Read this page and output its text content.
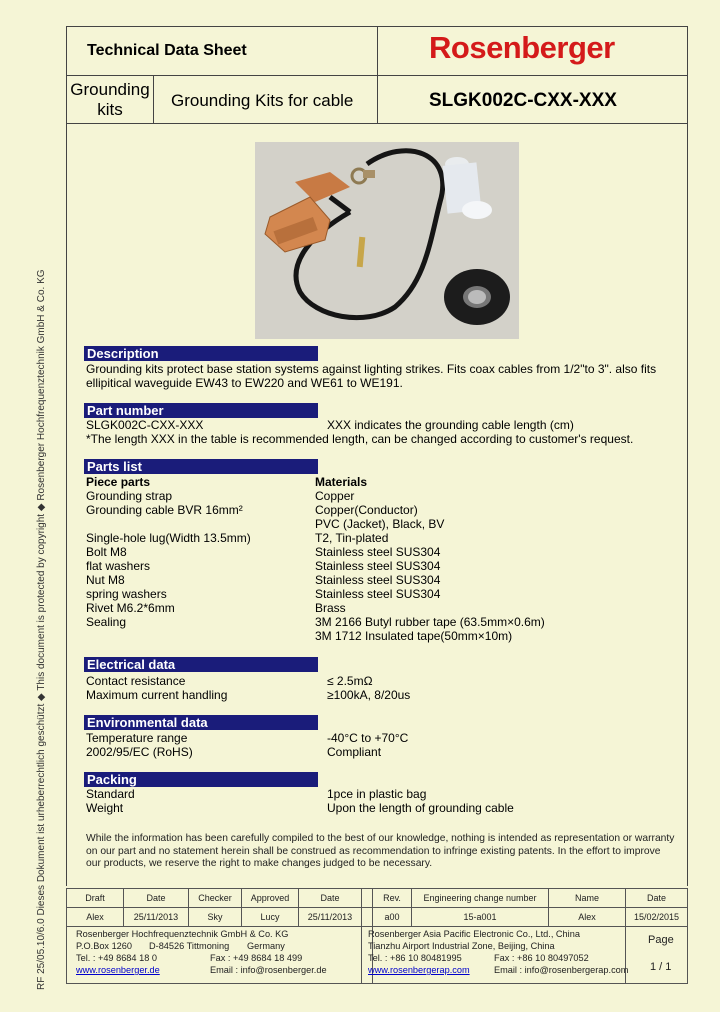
RF 25/05.10/6.0 Dieses Dokument ist urheberrechtlich geschützt ◆ This document is protected by copyright ◆ Rosenberger Hochfrequenztechnik GmbH & Co. KG
Technical Data Sheet	Rosenberger
Grounding
kits	Grounding Kits for cable	SLGK002C-CXX-XXX
Description
Grounding kits protect base station systems against lighting strikes. Fits coax cables from 1/2"to 3". also fits
ellipitical waveguide EW43 to EW220 and WE61 to WE191.
Part number
SLGK002C-CXX-XXX	XXX indicates the grounding cable length (cm)
*The length XXX in the table is recommended length, can be changed according to customer's request.
Parts list
Piece parts	Materials
Grounding strap	Copper
Grounding cable BVR 16mm²	Copper(Conductor)
PVC (Jacket), Black, BV
Single-hole lug(Width 13.5mm)	T2, Tin-plated
Bolt M8	Stainless steel SUS304
flat washers	Stainless steel SUS304
Nut M8	Stainless steel SUS304
spring washers	Stainless steel SUS304
Rivet M6.2*6mm	Brass
Sealing	3M 2166 Butyl rubber tape (63.5mm×0.6m)
3M 1712 Insulated tape(50mm×10m)
Electrical data
Contact resistance	≤ 2.5mΩ
Maximum current handling	≥100kA, 8/20us
Environmental data
Temperature range	-40°C to +70°C
2002/95/EC (RoHS)	Compliant
Packing
Standard	1pce in plastic bag
Weight	Upon the length of grounding cable
While the information has been carefully compiled to the best of our knowledge, nothing is intended as representation or warranty on our part and no statement herein shall be construed as recommendation to infringe existing patents. In the effort to improve our products, we reserve the right to make changes judged to be necessary.
Draft	Date	Checker	Approved	Date		Rev.	Engineering change number	Name	Date
Alex	25/11/2013	Sky	Lucy	25/11/2013		a00	15-a001	Alex	15/02/2015

Rosenberger Hochfrequenztechnik GmbH & Co. KG
P.O.Box 1260 D-84526 Tittmoning Germany
Tel. : +49 8684 18 0	Fax : +49 8684 18 499
www.rosenberger.de	Email : info@rosenberger.de
Rosenberger Asia Pacific Electronic Co., Ltd., China
Tianzhu Airport Industrial Zone, Beijing, China
Tel. : +86 10 80481995	Fax : +86 10 80497052
www.rosenbergerap.com	Email : info@rosenbergerap.com
Page
1 / 1
